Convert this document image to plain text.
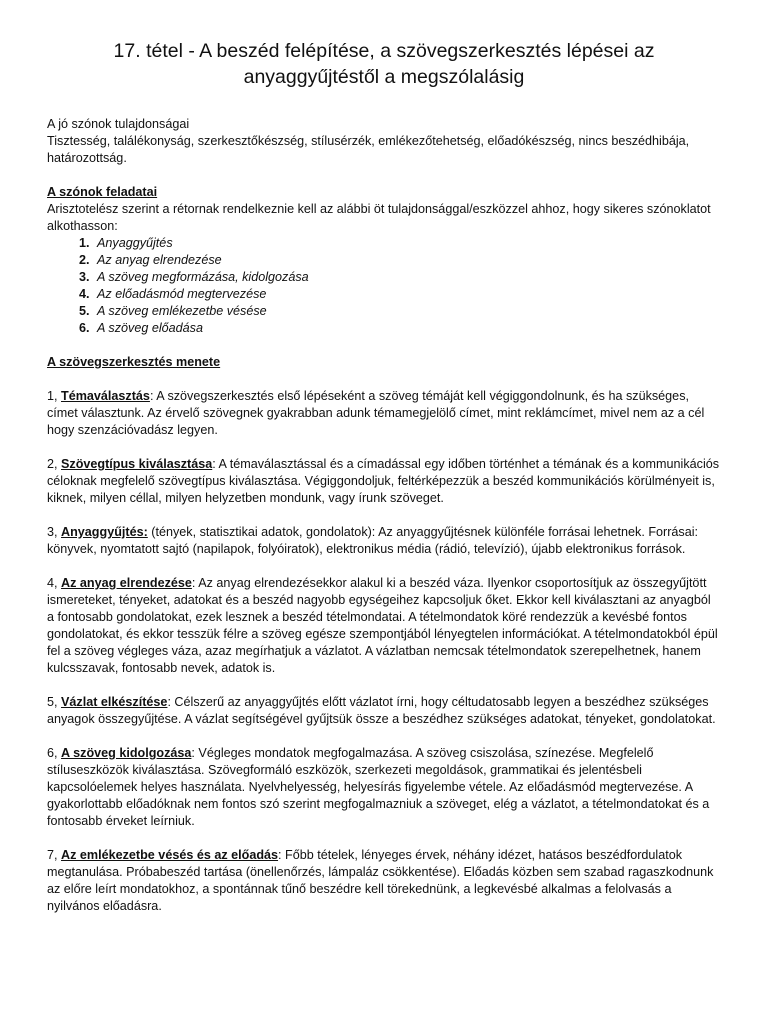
17. tétel - A beszéd felépítése, a szövegszerkesztés lépései az anyaggyűjtéstől a megszólalásig
A jó szónok tulajdonságai
Tisztesség, találékonyság, szerkesztőkészség, stílusérzék, emlékezőtehetség, előadókészség, nincs beszédhibája, határozottság.
A szónok feladatai
Arisztotelész szerint a rétornak rendelkeznie kell az alábbi öt tulajdonsággal/eszközzel ahhoz, hogy sikeres szónoklatot alkothasson:
1. Anyaggyűjtés
2. Az anyag elrendezése
3. A szöveg megformázása, kidolgozása
4. Az előadásmód megtervezése
5. A szöveg emlékezetbe vésése
6. A szöveg előadása
A szövegszerkesztés menete

1, Témaválasztás: A szövegszerkesztés első lépéseként a szöveg témáját kell végiggondolnunk, és ha szükséges, címet választunk. Az érvelő szövegnek gyakrabban adunk témamegjelölő címet, mint reklámcímet, mivel nem az a cél hogy szenzációvadász legyen.

2, Szövegtípus kiválasztása: A témaválasztással és a címadással egy időben történhet a témának és a kommunikációs céloknak megfelelő szövegtípus kiválasztása. Végiggondoljuk, feltérképezzük a beszéd kommunikációs körülményeit is, kiknek, milyen céllal, milyen helyzetben mondunk, vagy írunk szöveget.

3, Anyaggyűjtés: (tények, statisztikai adatok, gondolatok): Az anyaggyűjtésnek különféle forrásai lehetnek. Forrásai: könyvek, nyomtatott sajtó (napilapok, folyóiratok), elektronikus média (rádió, televízió), újabb elektronikus források.

4, Az anyag elrendezése: Az anyag elrendezésekkor alakul ki a beszéd váza. Ilyenkor csoportosítjuk az összegyűjtött ismereteket, tényeket, adatokat és a beszéd nagyobb egységeihez kapcsoljuk őket. Ekkor kell kiválasztani az anyagból a fontosabb gondolatokat, ezek lesznek a beszéd tételmondatai. A tételmondatok köré rendezzük a kevésbé fontos gondolatokat, és ekkor tesszük félre a szöveg egésze szempontjából lényegtelen információkat. A tételmondatokból épül fel a szöveg végleges váza, azaz megírhatjuk a vázlatot. A vázlatban nemcsak tételmondatok szerepelhetnek, hanem kulcsszavak, fontosabb nevek, adatok is.

5, Vázlat elkészítése: Célszerű az anyaggyűjtés előtt vázlatot írni, hogy céltudatosabb legyen a beszédhez szükséges anyagok összegyűjtése. A vázlat segítségével gyűjtsük össze a beszédhez szükséges adatokat, tényeket, gondolatokat.

6, A szöveg kidolgozása: Végleges mondatok megfogalmazása. A szöveg csiszolása, színezése. Megfelelő stíluseszközök kiválasztása. Szövegformáló eszközök, szerkezeti megoldások, grammatikai és jelentésbeli kapcsolóelemek helyes használata. Nyelvhelyesség, helyesírás figyelembe vétele. Az előadásmód megtervezése. A gyakorlottabb előadóknak nem fontos szó szerint megfogalmazniuk a szöveget, elég a vázlatot, a tételmondatokat és a fontosabb érveket leírniuk.

7, Az emlékezetbe vésés és az előadás: Főbb tételek, lényeges érvek, néhány idézet, hatásos beszédfordulatok megtanulása. Próbabeszéd tartása (önellenőrzés, lámpaláz csökkentése). Előadás közben sem szabad ragaszkodnunk az előre leírt mondatokhoz, a spontánnak tűnő beszédre kell törekednünk, a legkevésbé alkalmas a felolvasás a nyilvános előadásra.
